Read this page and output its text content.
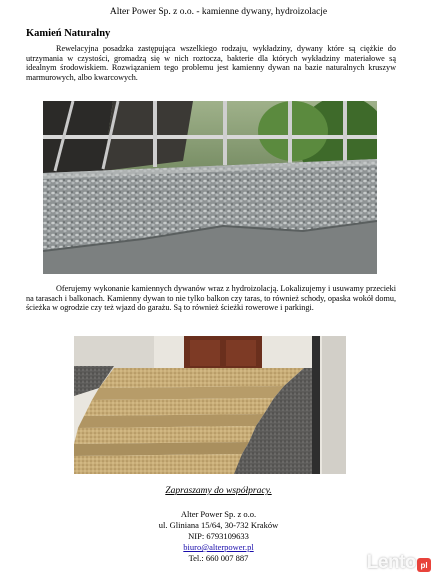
Alter Power Sp. z o.o. - kamienne dywany, hydroizolacje
Kamień Naturalny

Rewelacyjna posadzka zastępująca wszelkiego rodzaju, wykładziny, dywany które są ciężkie do utrzymania w czystości, gromadzą się w nich roztocza, bakterie dla których wykładziny materiałowe są idealnym środowiskiem. Rozwiązaniem tego problemu jest kamienny dywan na bazie naturalnych kruszyw marmurowych, albo kwarcowych.

Oferujemy wykonanie kamiennych dywanów wraz z hydroizolacją. Lokalizujemy i usuwamy przecieki na tarasach i balkonach. Kamienny dywan to nie tylko balkon czy taras, to również schody, opaska wokół domu, ścieżka w ogrodzie czy też wjazd do garażu. Są to również ścieżki rowerowe i parkingi.

Zapraszamy do współpracy.
Alter Power Sp. z o.o.
ul. Gliniana 15/64, 30-732 Kraków
NIP: 6793109633
biuro@alterpower.pl
Tel.: 660 007 887	Lento pl
